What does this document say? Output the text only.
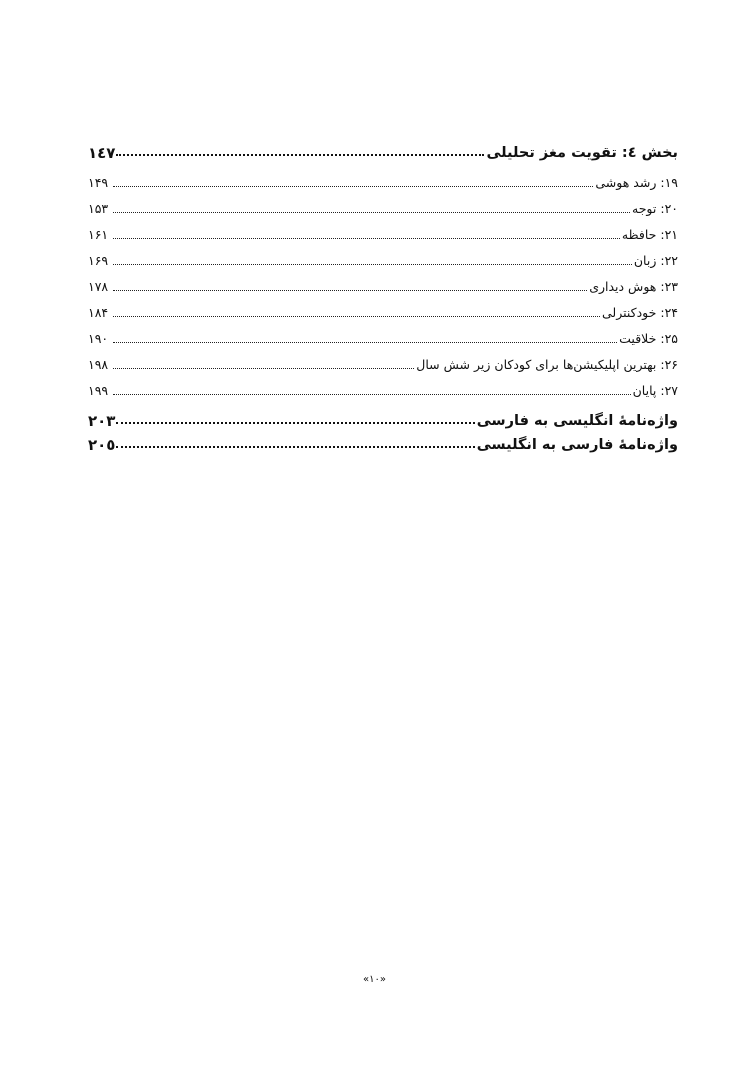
بخش ٤: تقویت مغز تحلیلی
١٤٧
١٩: رشد هوشی
١۴٩
٢٠: توجه
١۵٣
٢١: حافظه
١۶١
٢٢: زبان
١۶٩
٢٣: هوش دیداری
١٧٨
٢۴: خودکنترلی
١٨۴
٢۵: خلاقیت
١٩٠
٢۶: بهترین اپلیکیشن‌ها برای کودکان زیر شش سال
١٩٨
٢٧: پایان
١٩٩
واژه‌نامۀ انگلیسی به فارسی
٢٠٣
واژه‌نامۀ فارسی به انگلیسی
٢٠٥
«١٠»
